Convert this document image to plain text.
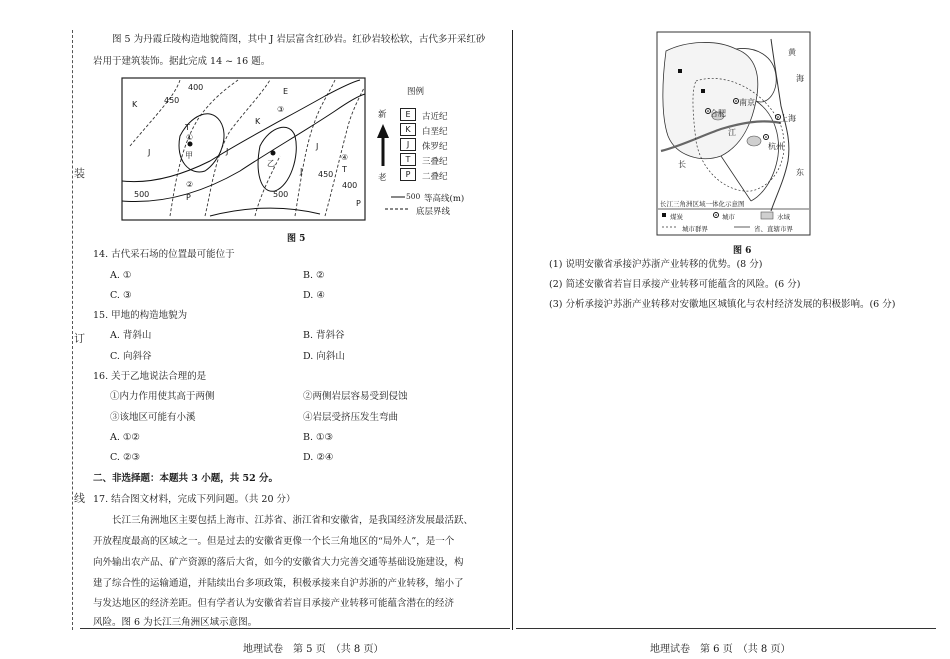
装
订
线
图 5 为丹霞丘陵构造地貌简图，其中 J 岩层富含红砂岩。红砂岩较松软，古代多开采红砂
岩用于建筑装饰。据此完成 14 ~ 16 题。
K	450
400	E
③
K
T
①
甲
J	J
乙
J
J
450
④
T
500
②
P	500
P
400
图例
新
老
E	古近纪
K	白垩纪
J	侏罗纪
T	三叠纪
P	二叠纪
500 等高线(m)
底层界线
图 5
14. 古代采石场的位置最可能位于
A. ①	B. ②
C. ③	D. ④
15. 甲地的构造地貌为
A. 背斜山	B. 背斜谷
C. 向斜谷	D. 向斜山
16. 关于乙地说法合理的是
①内力作用使其高于两侧	②两侧岩层容易受到侵蚀
③该地区可能有小溪	④岩层受挤压发生弯曲
A. ①②	B. ①③
C. ②③	D. ②④
二、非选择题：本题共 3 小题，共 52 分。
17. 结合图文材料，完成下列问题。（共 20 分）
长江三角洲地区主要包括上海市、江苏省、浙江省和安徽省，是我国经济发展最活跃、
开放程度最高的区域之一。但是过去的安徽省更像一个长三角地区的“局外人”，是一个
向外输出农产品、矿产资源的落后大省，如今的安徽省大力完善交通等基础设施建设，构
建了综合性的运输通道，并陆续出台多项政策，积极承接来自沪苏浙的产业转移，缩小了
与发达地区的经济差距。但有学者认为安徽省若盲目承接产业转移可能蕴含潜在的经济
风险。图 6 为长江三角洲区域示意图。
地理试卷　第 5 页　（共 8 页）
合肥
南京
上海
杭州
江
长
黄
海
东
长江三角洲区域一体化示意图
煤炭	城市	水域
城市群界	省、直辖市界
图 6
(1) 说明安徽省承接沪苏浙产业转移的优势。(8 分)
(2) 简述安徽省若盲目承接产业转移可能蕴含的风险。(6 分)
(3) 分析承接沪苏浙产业转移对安徽地区城镇化与农村经济发展的积极影响。(6 分)
地理试卷　第 6 页　（共 8 页）
